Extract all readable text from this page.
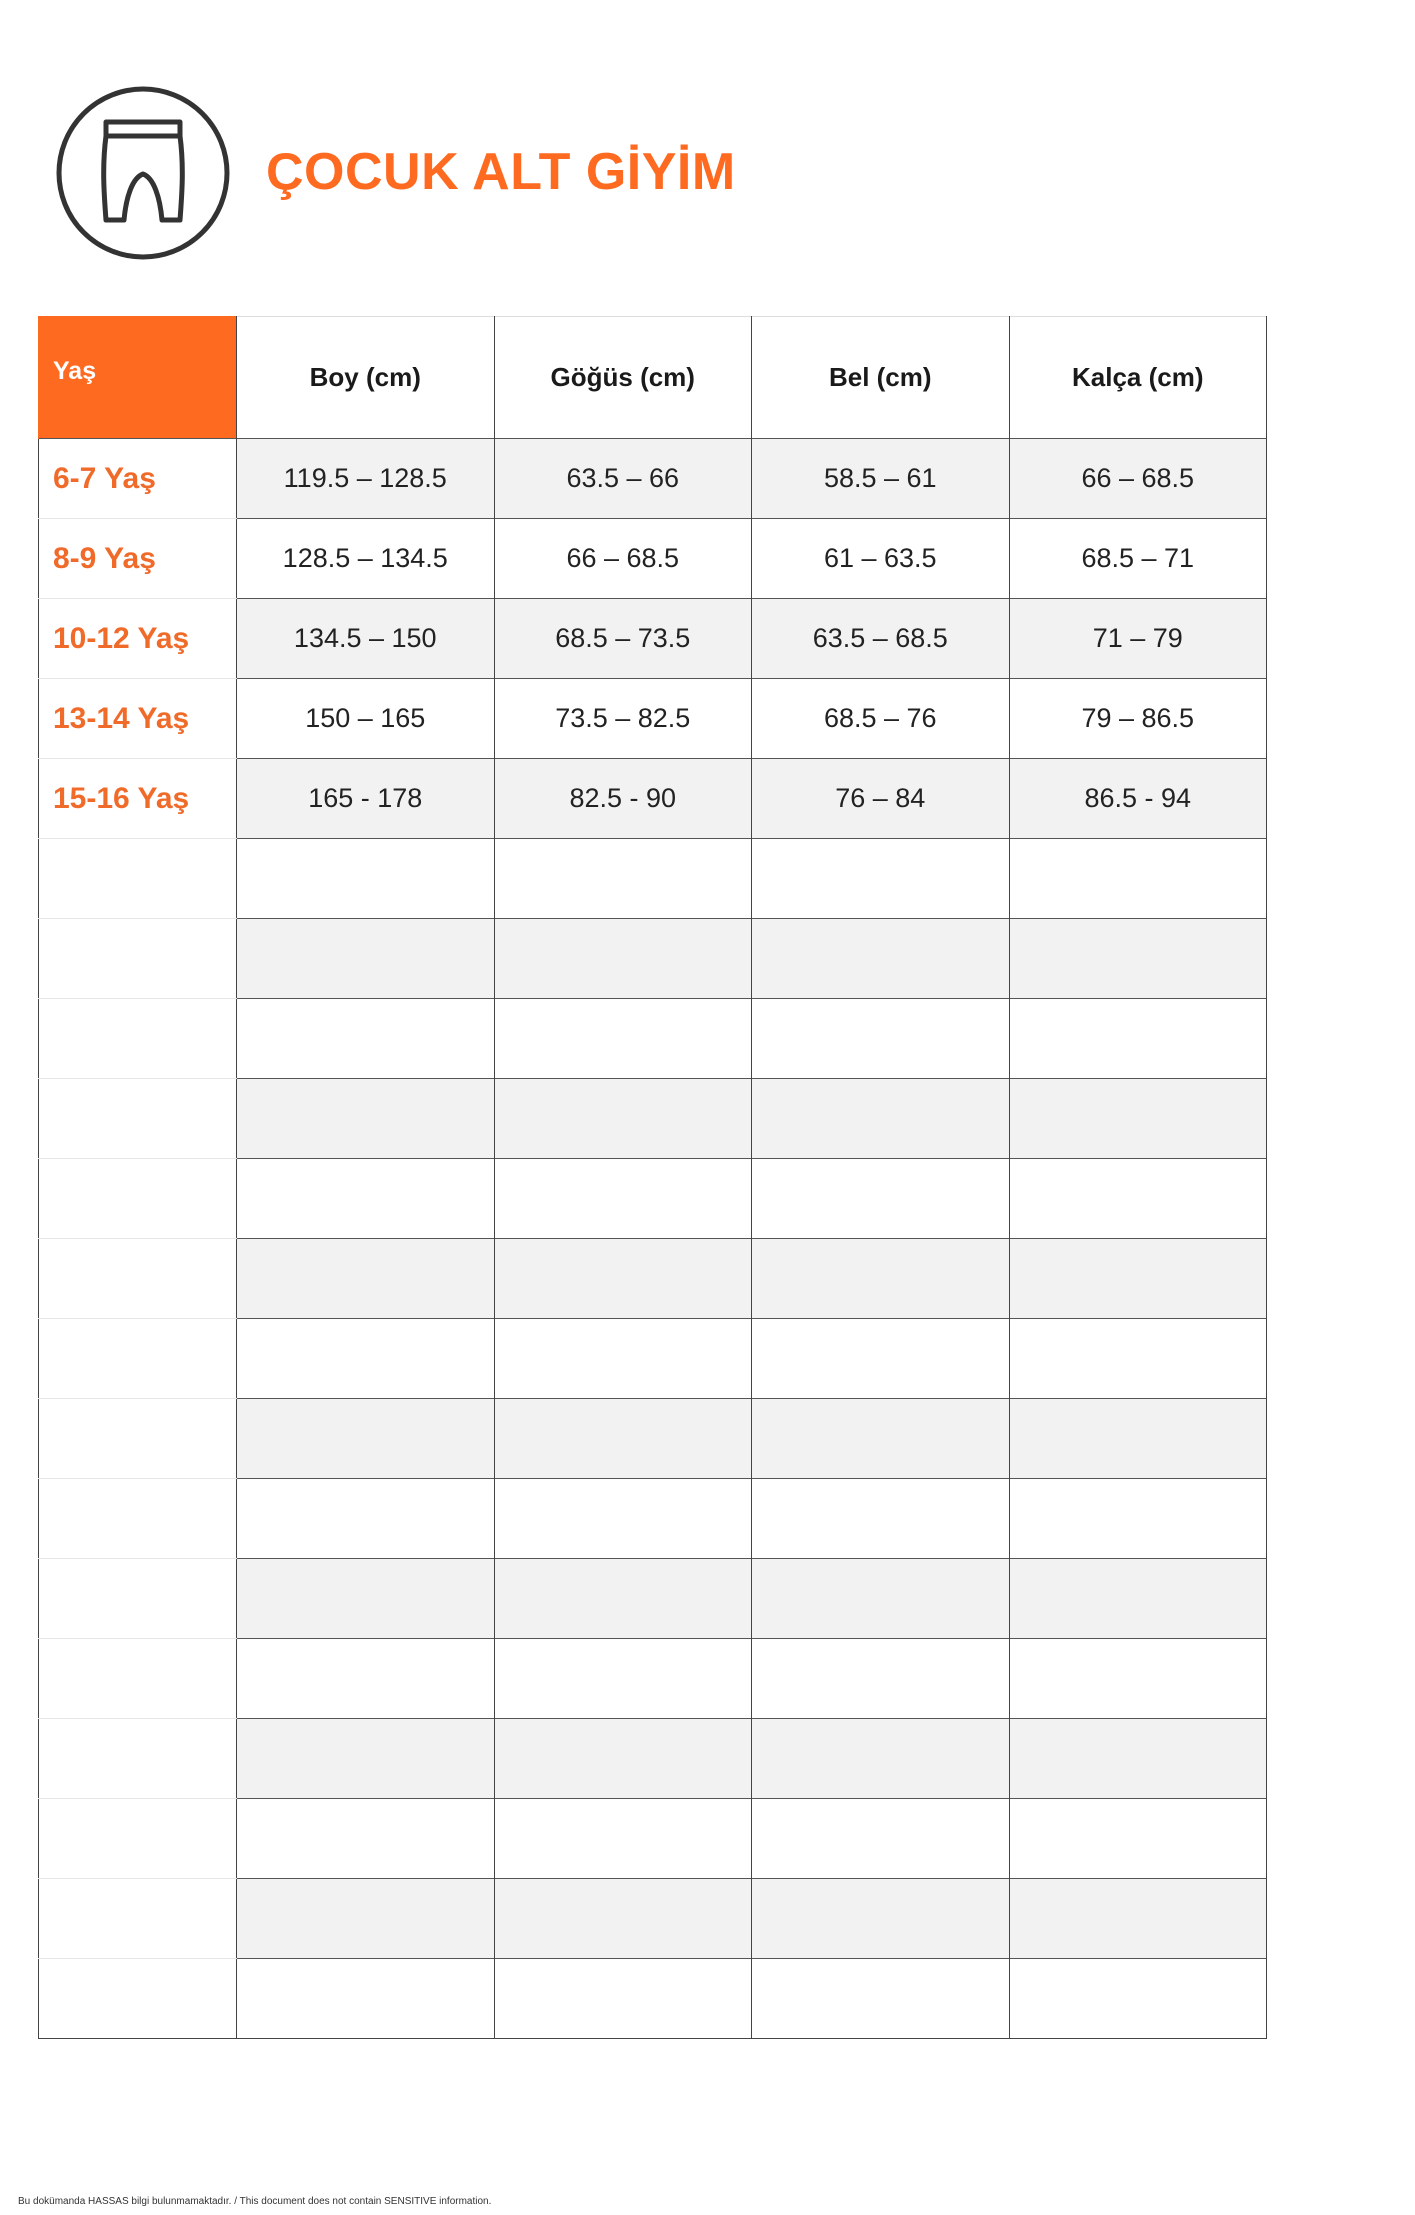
ÇOCUK ALT GİYİM
Yaş	Boy (cm)	Göğüs (cm)	Bel (cm)	Kalça (cm)
6-7 Yaş	119.5 – 128.5	63.5 – 66	58.5 – 61	66 – 68.5
8-9 Yaş	128.5 – 134.5	66 – 68.5	61 – 63.5	68.5 – 71
10-12 Yaş	134.5 – 150	68.5 – 73.5	63.5 – 68.5	71 – 79
13-14 Yaş	150 – 165	73.5 – 82.5	68.5 – 76	79 – 86.5
15-16 Yaş	165 - 178	82.5 - 90	76 – 84	86.5 - 94

Bu dokümanda HASSAS bilgi bulunmamaktadır. / This document does not contain SENSITIVE information.
